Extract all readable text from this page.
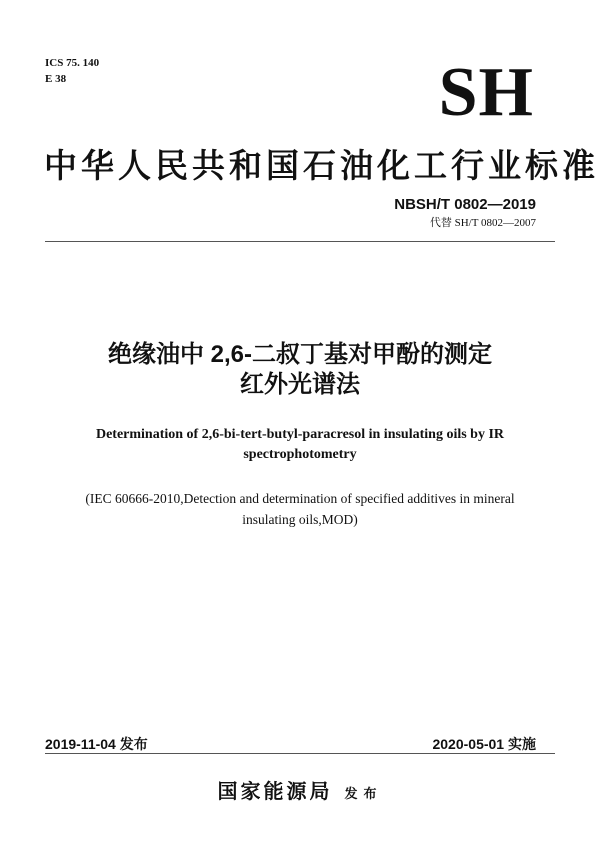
ICS 75. 140
E 38	SH
中华人民共和国石油化工行业标准
NBSH/T 0802—2019
代替 SH/T 0802—2007
绝缘油中 2,6-二叔丁基对甲酚的测定
红外光谱法
Determination of 2,6-bi-tert-butyl-paracresol in insulating oils by IR spectrophotometry
(IEC 60666-2010,Detection and determination of specified additives in mineral insulating oils,MOD)
2019-11-04 发布	2020-05-01 实施
国家能源局 发布
